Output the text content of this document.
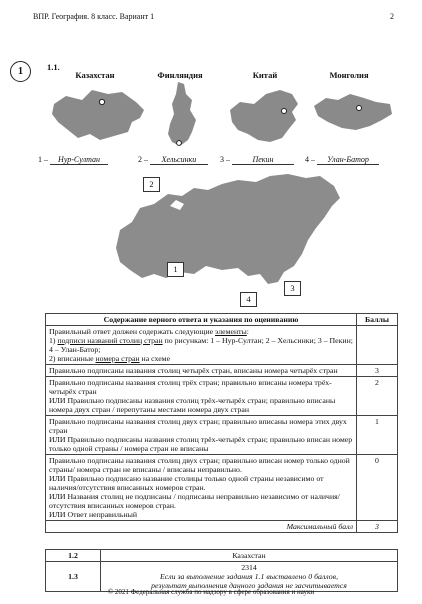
ВПР. География. 8 класс. Вариант 1	2
1	1.1.
Казахстан	Финляндия	Китай	Монголия
1 – Нур-Султан	2 – Хельсинки	3 –	Пекин	4 – Улан-Батор
2
1
3
4
Содержание верного ответа и указания по оцениванию	Баллы
Правильный ответ должен содержать следующие элементы:
1) подписи названий столиц стран по рисункам: 1 – Нур-Султан; 2 – Хельсинки; 3 – Пекин; 4 – Улан-Батор;
2) вписанные номера стран на схеме	
Правильно подписаны названия столиц четырёх стран, вписаны номера четырёх стран	3

Правильно подписаны названия столиц трёх стран; правильно вписаны номера трёх-четырёх стран
ИЛИ Правильно подписаны названия столиц трёх-четырёх стран; правильно вписаны номера двух стран / перепутаны местами номера двух стран	2

Правильно подписаны названия столиц двух стран; правильно вписаны номера этих двух стран
ИЛИ Правильно подписаны названия столиц трёх-четырёх стран; правильно вписан номер только одной страны / номера стран не вписаны	1

Правильно подписаны названия столиц двух стран; правильно вписан номер только одной страны/ номера стран не вписаны / вписаны неправильно.
ИЛИ Правильно подписано название столицы только одной страны независимо от наличия/отсутствия вписанных номеров стран.
ИЛИ Названия столиц не подписаны / подписаны неправильно независимо от наличия/отсутствия вписанных номеров стран.
ИЛИ Ответ неправильный	0
Максимальный балл	3
1.2	Казахстан
1.3	2314
Если за выполнение задания 1.1 выставлено 0 баллов,
результат выполнения данного задания не засчитывается
© 2021 Федеральная служба по надзору в сфере образования и науки
